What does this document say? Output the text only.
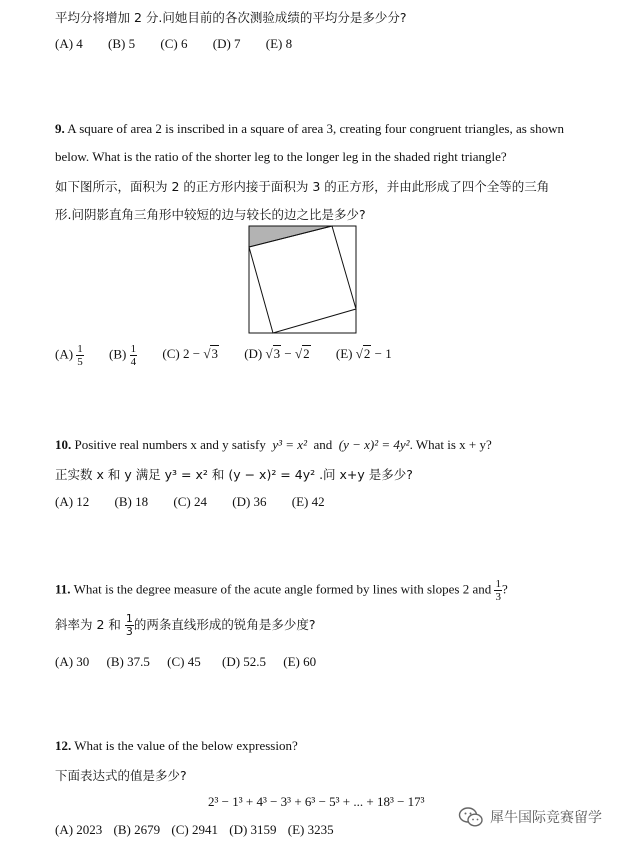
平均分将增加 2 分.问她目前的各次测验成绩的平均分是多少分?
(A) 4 (B) 5 (C) 6 (D) 7 (E) 8
9. A square of area 2 is inscribed in a square of area 3, creating four congruent triangles, as shown
below. What is the ratio of the shorter leg to the longer leg in the shaded right triangle?
如下图所示，面积为 2 的正方形内接于面积为 3 的正方形，并由此形成了四个全等的三角
形.问阴影直角三角形中较短的边与较长的边之比是多少?
$(A) \frac{1}{5} (B) \frac{1}{4} (C) 2 - √3$ (D) √3 − √2 (E) √2 − 1
10. Positive real numbers x and y satisfy y³ = x² and (y − x)² = 4y². What is x + y?
正实数 x 和 y 满足 y³ = x² 和 (y − x)² = 4y² .问 x+y 是多少?
(A) 12 (B) 18 (C) 24 (D) 36 (E) 42
11. What is the degree measure of the acute angle formed by lines with slopes 2 and $\frac{1}{3}$ ?
斜率为 2 和 $\frac{1}{3}$ 的两条直线形成的锐角是多少度?
(A) 30 (B) 37.5 (C) 45 (D) 52.5 (E) 60
12. What is the value of the below expression?
下面表达式的值是多少?
2³ − 1³ + 4³ − 3³ + 6³ − 5³ + ... + 18³ − 17³
(A) 2023 (B) 2679 (C) 2941 (D) 3159 (E) 3235
犀牛国际竞赛留学
